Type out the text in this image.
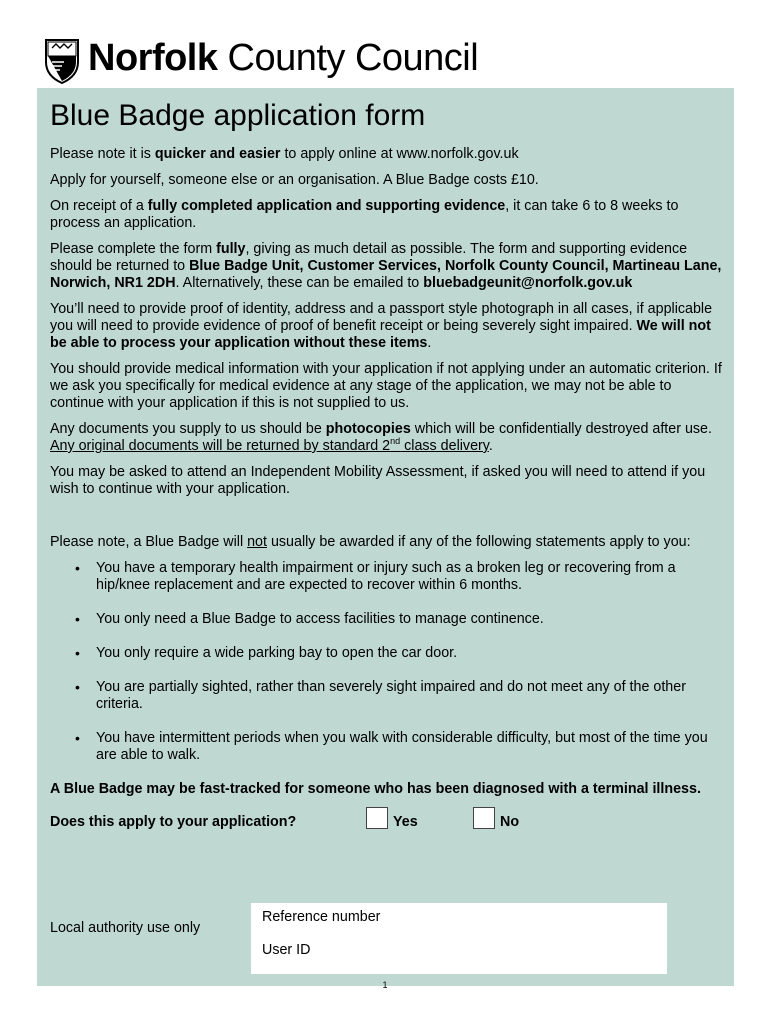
Norfolk County Council
Blue Badge application form

Please note it is quicker and easier to apply online at www.norfolk.gov.uk

Apply for yourself, someone else or an organisation. A Blue Badge costs £10.

On receipt of a fully completed application and supporting evidence, it can take 6 to 8 weeks to process an application.

Please complete the form fully, giving as much detail as possible. The form and supporting evidence should be returned to Blue Badge Unit, Customer Services, Norfolk County Council, Martineau Lane, Norwich, NR1 2DH. Alternatively, these can be emailed to bluebadgeunit@norfolk.gov.uk

You’ll need to provide proof of identity, address and a passport style photograph in all cases, if applicable you will need to provide evidence of proof of benefit receipt or being severely sight impaired. We will not be able to process your application without these items.

You should provide medical information with your application if not applying under an automatic criterion. If we ask you specifically for medical evidence at any stage of the application, we may not be able to continue with your application if this is not supplied to us.

Any documents you supply to us should be photocopies which will be confidentially destroyed after use. Any original documents will be returned by standard 2nd class delivery.

You may be asked to attend an Independent Mobility Assessment, if asked you will need to attend if you wish to continue with your application.

Please note, a Blue Badge will not usually be awarded if any of the following statements apply to you:

• You have a temporary health impairment or injury such as a broken leg or recovering from a hip/knee replacement and are expected to recover within 6 months.
• You only need a Blue Badge to access facilities to manage continence.
• You only require a wide parking bay to open the car door.
• You are partially sighted, rather than severely sight impaired and do not meet any of the other criteria.
• You have intermittent periods when you walk with considerable difficulty, but most of the time you are able to walk.

A Blue Badge may be fast-tracked for someone who has been diagnosed with a terminal illness.

Does this apply to your application?	Yes	No
Local authority use only
Reference number
User ID
1
